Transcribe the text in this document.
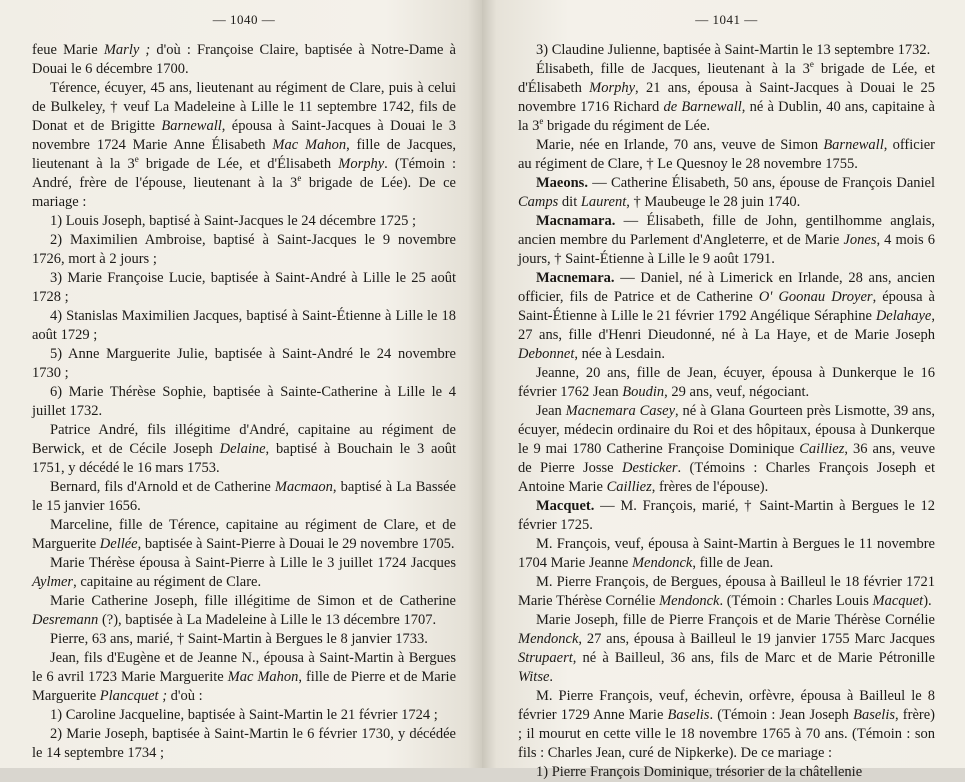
— 1040 —

feue Marie Marly ; d'où : Françoise Claire, baptisée à Notre-Dame à Douai le 6 décembre 1700.

Térence, écuyer, 45 ans, lieutenant au régiment de Clare, puis à celui de Bulkeley, † veuf La Madeleine à Lille le 11 septembre 1742, fils de Donat et de Brigitte Barnewall, épousa à Saint-Jacques à Douai le 3 novembre 1724 Marie Anne Élisabeth Mac Mahon, fille de Jacques, lieutenant à la 3e brigade de Lée, et d'Élisabeth Morphy. (Témoin : André, frère de l'épouse, lieutenant à la 3e brigade de Lée). De ce mariage :

1) Louis Joseph, baptisé à Saint-Jacques le 24 décembre 1725 ;

2) Maximilien Ambroise, baptisé à Saint-Jacques le 9 novembre 1726, mort à 2 jours ;

3) Marie Françoise Lucie, baptisée à Saint-André à Lille le 25 août 1728 ;

4) Stanislas Maximilien Jacques, baptisé à Saint-Étienne à Lille le 18 août 1729 ;

5) Anne Marguerite Julie, baptisée à Saint-André le 24 novembre 1730 ;

6) Marie Thérèse Sophie, baptisée à Sainte-Catherine à Lille le 4 juillet 1732.

Patrice André, fils illégitime d'André, capitaine au régiment de Berwick, et de Cécile Joseph Delaine, baptisé à Bouchain le 3 août 1751, y décédé le 16 mars 1753.

Bernard, fils d'Arnold et de Catherine Macmaon, baptisé à La Bassée le 15 janvier 1656.

Marceline, fille de Térence, capitaine au régiment de Clare, et de Marguerite Dellée, baptisée à Saint-Pierre à Douai le 29 novembre 1705.

Marie Thérèse épousa à Saint-Pierre à Lille le 3 juillet 1724 Jacques Aylmer, capitaine au régiment de Clare.

Marie Catherine Joseph, fille illégitime de Simon et de Catherine Desremann (?), baptisée à La Madeleine à Lille le 13 décembre 1707.

Pierre, 63 ans, marié, † Saint-Martin à Bergues le 8 janvier 1733.

Jean, fils d'Eugène et de Jeanne N., épousa à Saint-Martin à Bergues le 6 avril 1723 Marie Marguerite Mac Mahon, fille de Pierre et de Marie Marguerite Plancquet ; d'où :

1) Caroline Jacqueline, baptisée à Saint-Martin le 21 février 1724 ;

2) Marie Joseph, baptisée à Saint-Martin le 6 février 1730, y décédée le 14 septembre 1734 ;

— 1041 —

3) Claudine Julienne, baptisée à Saint-Martin le 13 septembre 1732.

Élisabeth, fille de Jacques, lieutenant à la 3e brigade de Lée, et d'Élisabeth Morphy, 21 ans, épousa à Saint-Jacques à Douai le 25 novembre 1716 Richard de Barnewall, né à Dublin, 40 ans, capitaine à la 3e brigade du régiment de Lée.

Marie, née en Irlande, 70 ans, veuve de Simon Barnewall, officier au régiment de Clare, † Le Quesnoy le 28 novembre 1755.

Maeons. — Catherine Élisabeth, 50 ans, épouse de François Daniel Camps dit Laurent, † Maubeuge le 28 juin 1740.

Macnamara. — Élisabeth, fille de John, gentilhomme anglais, ancien membre du Parlement d'Angleterre, et de Marie Jones, 4 mois 6 jours, † Saint-Étienne à Lille le 9 août 1791.

Macnemara. — Daniel, né à Limerick en Irlande, 28 ans, ancien officier, fils de Patrice et de Catherine O' Goonau Droyer, épousa à Saint-Étienne à Lille le 21 février 1792 Angélique Séraphine Delahaye, 27 ans, fille d'Henri Dieudonné, né à La Haye, et de Marie Joseph Debonnet, née à Lesdain.

Jeanne, 20 ans, fille de Jean, écuyer, épousa à Dunkerque le 16 février 1762 Jean Boudin, 29 ans, veuf, négociant.

Jean Macnemara Casey, né à Glana Gourteen près Lismotte, 39 ans, écuyer, médecin ordinaire du Roi et des hôpitaux, épousa à Dunkerque le 9 mai 1780 Catherine Françoise Dominique Cailliez, 36 ans, veuve de Pierre Josse Desticker. (Témoins : Charles François Joseph et Antoine Marie Cailliez, frères de l'épouse).

Macquet. — M. François, marié, † Saint-Martin à Bergues le 12 février 1725.

M. François, veuf, épousa à Saint-Martin à Bergues le 11 novembre 1704 Marie Jeanne Mendonck, fille de Jean.

M. Pierre François, de Bergues, épousa à Bailleul le 18 février 1721 Marie Thérèse Cornélie Mendonck. (Témoin : Charles Louis Macquet).

Marie Joseph, fille de Pierre François et de Marie Thérèse Cornélie Mendonck, 27 ans, épousa à Bailleul le 19 janvier 1755 Marc Jacques Strupaert, né à Bailleul, 36 ans, fils de Marc et de Marie Pétronille Witse.

M. Pierre François, veuf, échevin, orfèvre, épousa à Bailleul le 8 février 1729 Anne Marie Baselis. (Témoin : Jean Joseph Baselis, frère) ; il mourut en cette ville le 18 novembre 1765 à 70 ans. (Témoin : son fils : Charles Jean, curé de Nipkerke). De ce mariage :

1) Pierre François Dominique, trésorier de la châtellenie
